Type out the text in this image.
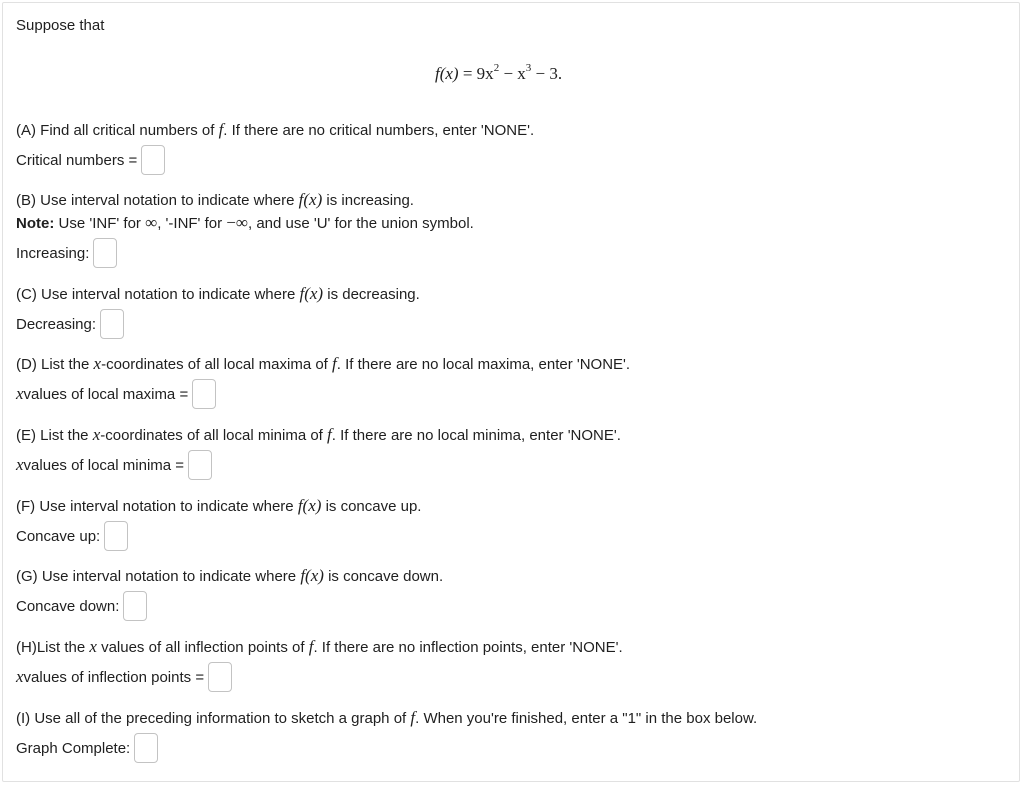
Suppose that
$f(x) = 9x^2 - x^3 - 3$.
(A) Find all critical numbers of f. If there are no critical numbers, enter 'NONE'.
Critical numbers =
(B) Use interval notation to indicate where f(x) is increasing.
Note: Use 'INF' for ∞, '-INF' for −∞, and use 'U' for the union symbol.
Increasing:
(C) Use interval notation to indicate where f(x) is decreasing.
Decreasing:
(D) List the x-coordinates of all local maxima of f. If there are no local maxima, enter 'NONE'.
x values of local maxima =
(E) List the x-coordinates of all local minima of f. If there are no local minima, enter 'NONE'.
x values of local minima =
(F) Use interval notation to indicate where f(x) is concave up.
Concave up:
(G) Use interval notation to indicate where f(x) is concave down.
Concave down:
(H)List the x values of all inflection points of f. If there are no inflection points, enter 'NONE'.
x values of inflection points =
(I) Use all of the preceding information to sketch a graph of f. When you're finished, enter a "1" in the box below.
Graph Complete:
